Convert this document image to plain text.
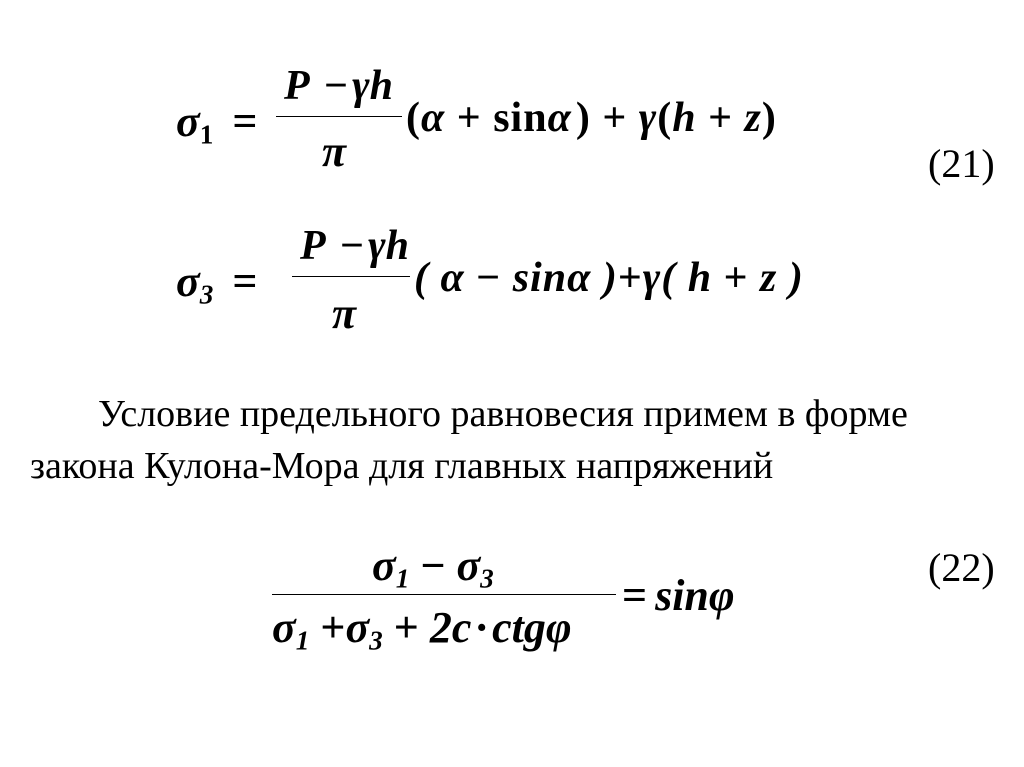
$\sigma_1$ =
P −γh
π
(α + sinα) + γ(h + z)
(21)
$\sigma_3$ =
P −γh
π
( α − sinα )+γ( h + z )
Условие предельного равновесия примем в форме
закона Кулона-Мора для главных напряжений
$\sigma_1 - \sigma_3$
$\sigma_1 +\sigma_3 + 2c\cdot ctg\varphi$
= sinφ
(22)
